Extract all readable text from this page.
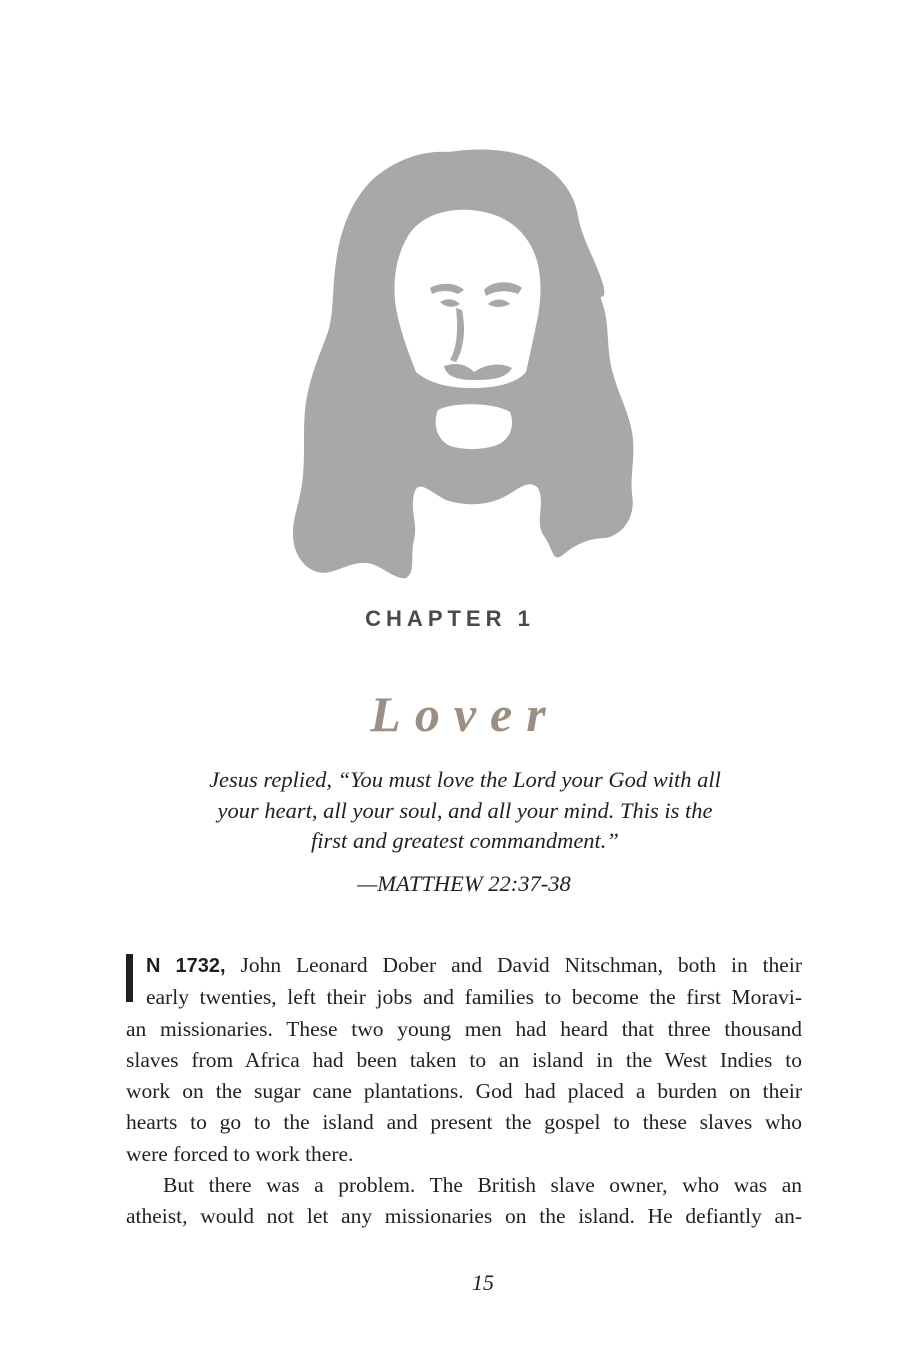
CHAPTER 1
Lover

Jesus replied, “You must love the Lord your God with all

your heart, all your soul, and all your mind. This is the

first and greatest commandment.”

—MATTHEW 22:37-38

N 1732, John Leonard Dober and David Nitschman, both in their
early twenties, left their jobs and families to become the first Moravi-
an missionaries. These two young men had heard that three thousand
slaves from Africa had been taken to an island in the West Indies to
work on the sugar cane plantations. God had placed a burden on their
hearts to go to the island and present the gospel to these slaves who
were forced to work there.

But there was a problem. The British slave owner, who was an
atheist, would not let any missionaries on the island. He defiantly an-

15
